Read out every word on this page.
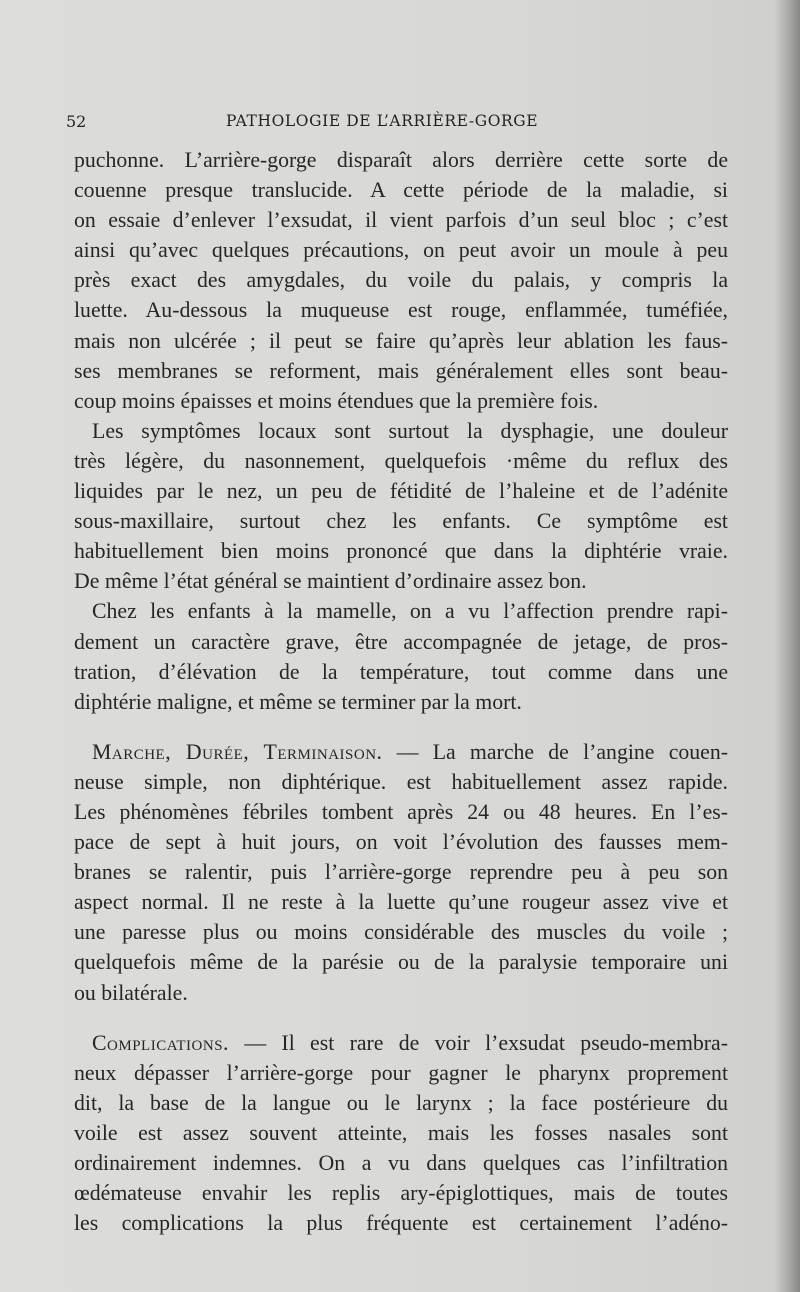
52	PATHOLOGIE DE L’ARRIÈRE-GORGE
puchonne. L’arrière-gorge disparaît alors derrière cette sorte de
couenne presque translucide. A cette période de la maladie, si
on essaie d’enlever l’exsudat, il vient parfois d’un seul bloc ; c’est
ainsi qu’avec quelques précautions, on peut avoir un moule à peu
près exact des amygdales, du voile du palais, y compris la
luette. Au-dessous la muqueuse est rouge, enflammée, tuméfiée,
mais non ulcérée ; il peut se faire qu’après leur ablation les faus-
ses membranes se reforment, mais généralement elles sont beau-
coup moins épaisses et moins étendues que la première fois.
Les symptômes locaux sont surtout la dysphagie, une douleur
très légère, du nasonnement, quelquefois ·même du reflux des
liquides par le nez, un peu de fétidité de l’haleine et de l’adénite
sous-maxillaire, surtout chez les enfants. Ce symptôme est
habituellement bien moins prononcé que dans la diphtérie vraie.
De même l’état général se maintient d’ordinaire assez bon.
Chez les enfants à la mamelle, on a vu l’affection prendre rapi-
dement un caractère grave, être accompagnée de jetage, de pros-
tration, d’élévation de la température, tout comme dans une
diphtérie maligne, et même se terminer par la mort.
Marche, Durée, Terminaison. — La marche de l’angine couen-
neuse simple, non diphtérique. est habituellement assez rapide.
Les phénomènes fébriles tombent après 24 ou 48 heures. En l’es-
pace de sept à huit jours, on voit l’évolution des fausses mem-
branes se ralentir, puis l’arrière-gorge reprendre peu à peu son
aspect normal. Il ne reste à la luette qu’une rougeur assez vive et
une paresse plus ou moins considérable des muscles du voile ;
quelquefois même de la parésie ou de la paralysie temporaire uni
ou bilatérale.
Complications. — Il est rare de voir l’exsudat pseudo-membra-
neux dépasser l’arrière-gorge pour gagner le pharynx proprement
dit, la base de la langue ou le larynx ; la face postérieure du
voile est assez souvent atteinte, mais les fosses nasales sont
ordinairement indemnes. On a vu dans quelques cas l’infiltration
œdémateuse envahir les replis ary-épiglottiques, mais de toutes
les complications la plus fréquente est certainement l’adéno-
